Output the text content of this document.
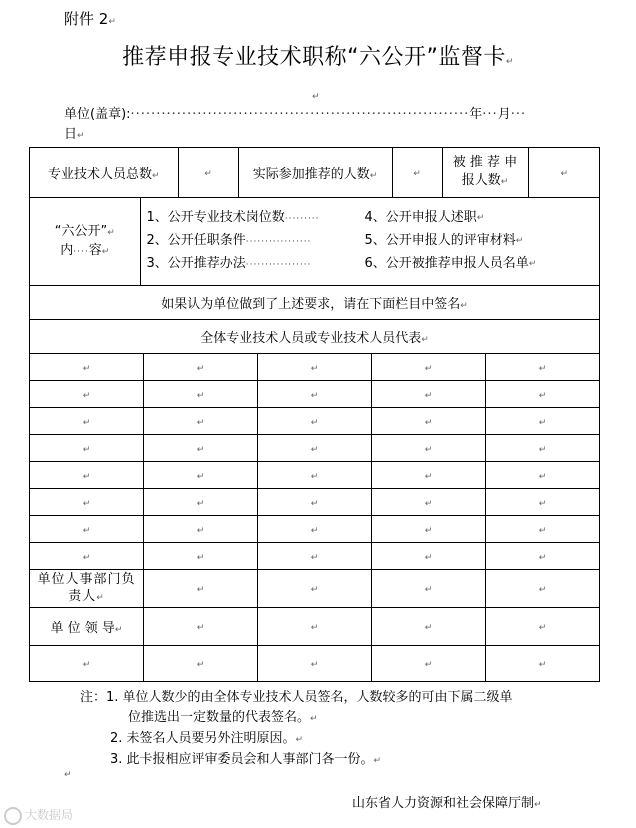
附件 2↵
推荐申报专业技术职称“六公开”监督卡↵
↵
单位(盖章):··································································年···月···
日↵
专业技术人员总数↵	↵	实际参加推荐的人数↵	↵	被 推 荐 申报人数↵	↵

“六公开”↵
内····容↵	
1、公开专业技术岗位数·········	4、公开申报人述职 ↵
2、公开任职条件·················	5、公开申报人的评审材料 ↵
3、公开推荐办法·················	6、公开被推荐申报人员名单 ↵

如果认为单位做到了上述要求，请在下面栏目中签名↵
全体专业技术人员或专业技术人员代表↵
↵	↵	↵	↵	↵
↵	↵	↵	↵	↵
↵	↵	↵	↵	↵
↵	↵	↵	↵	↵
↵	↵	↵	↵	↵
↵	↵	↵	↵	↵
↵	↵	↵	↵	↵
↵	↵	↵	↵	↵
单位人事部门负责人↵	↵	↵	↵	↵
单 位 领 导↵	↵	↵	↵	↵
↵	↵	↵	↵	↵
注：1. 单位人数少的由全体专业技术人员签名，人数较多的可由下属二级单
位推选出一定数量的代表签名。↵
2. 未签名人员要另外注明原因。↵
3. 此卡报相应评审委员会和人事部门各一份。↵
↵
山东省人力资源和社会保障厅制↵
大数据局
